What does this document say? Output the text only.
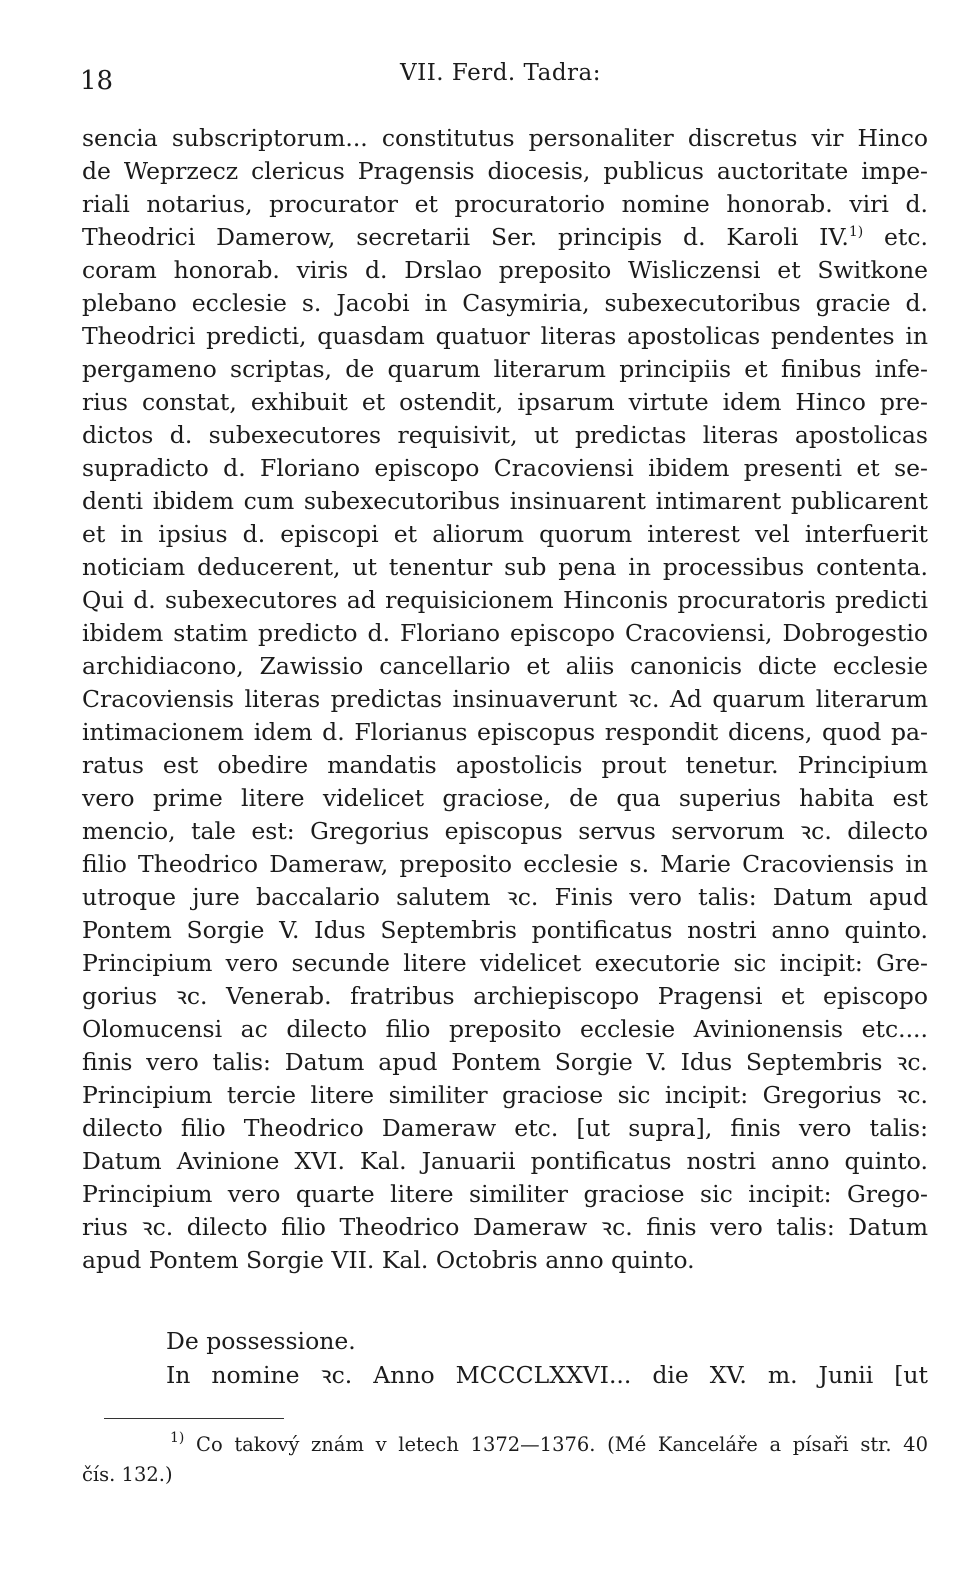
18	VII. Ferd. Tadra:
sencia subscriptorum... constitutus personaliter discretus vir Hinco
de Weprzecz clericus Pragensis diocesis, publicus auctoritate impe-
riali notarius, procurator et procuratorio nomine honorab. viri d.
Theodrici Damerow, secretarii Ser. principis d. Karoli IV.$^{1)}$ etc.
coram honorab. viris d. Drslao preposito Wisliczensi et Switkone
plebano ecclesie s. Jacobi in Casymiria, subexecutoribus gracie d.
Theodrici predicti, quasdam quatuor literas apostolicas pendentes in
pergameno scriptas, de quarum literarum principiis et finibus infe-
rius constat, exhibuit et ostendit, ipsarum virtute idem Hinco pre-
dictos d. subexecutores requisivit, ut predictas literas apostolicas
supradicto d. Floriano episcopo Cracoviensi ibidem presenti et se-
denti ibidem cum subexecutoribus insinuarent intimarent publicarent
et in ipsius d. episcopi et aliorum quorum interest vel interfuerit
noticiam deducerent, ut tenentur sub pena in processibus contenta.
Qui d. subexecutores ad requisicionem Hinconis procuratoris predicti
ibidem statim predicto d. Floriano episcopo Cracoviensi, Dobrogestio
archidiacono, Zawissio cancellario et aliis canonicis dicte ecclesie
Cracoviensis literas predictas insinuaverunt ꝛc. Ad quarum literarum
intimacionem idem d. Florianus episcopus respondit dicens, quod pa-
ratus est obedire mandatis apostolicis prout tenetur. Principium
vero prime litere videlicet graciose, de qua superius habita est
mencio, tale est: Gregorius episcopus servus servorum ꝛc. dilecto
filio Theodrico Dameraw, preposito ecclesie s. Marie Cracoviensis in
utroque jure baccalario salutem ꝛc. Finis vero talis: Datum apud
Pontem Sorgie V. Idus Septembris pontificatus nostri anno quinto.
Principium vero secunde litere videlicet executorie sic incipit: Gre-
gorius ꝛc. Venerab. fratribus archiepiscopo Pragensi et episcopo
Olomucensi ac dilecto filio preposito ecclesie Avinionensis etc....
finis vero talis: Datum apud Pontem Sorgie V. Idus Septembris ꝛc.
Principium tercie litere similiter graciose sic incipit: Gregorius ꝛc.
dilecto filio Theodrico Dameraw etc. [ut supra], finis vero talis:
Datum Avinione XVI. Kal. Januarii pontificatus nostri anno quinto.
Principium vero quarte litere similiter graciose sic incipit: Grego-
rius ꝛc. dilecto filio Theodrico Dameraw ꝛc. finis vero talis: Datum
apud Pontem Sorgie VII. Kal. Octobris anno quinto.
De possessione.
In nomine ꝛc. Anno MCCCLXXVI... die XV. m. Junii [ut
$^{1)}$ Co takový znám v letech 1372—1376. (Mé Kanceláře a písaři str. 40
čís. 132.)
